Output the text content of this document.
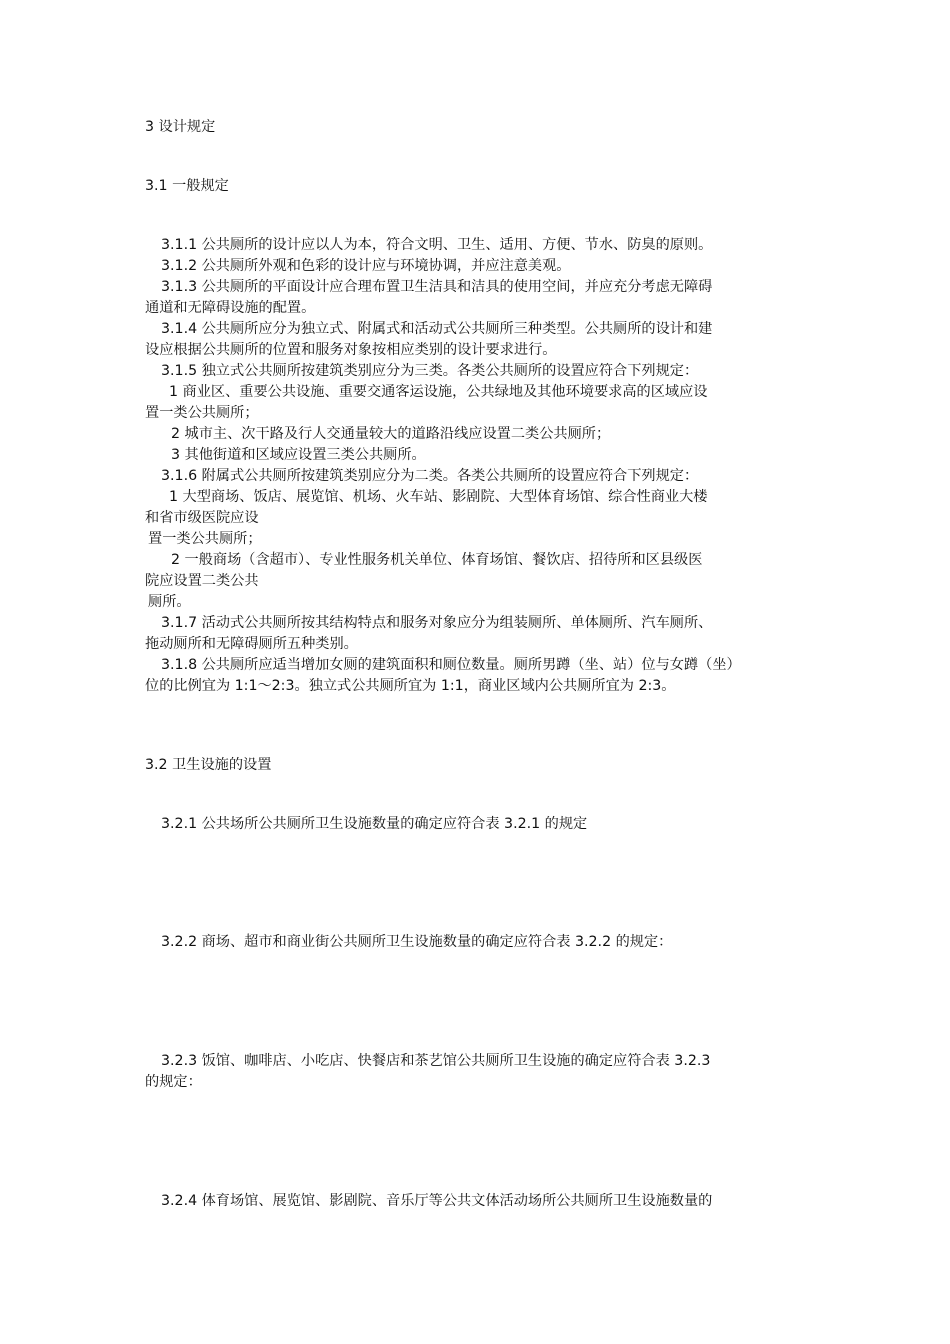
3 设计规定
3.1 一般规定
3.1.1 公共厕所的设计应以人为本，符合文明、卫生、适用、方便、节水、防臭的原则。
3.1.2 公共厕所外观和色彩的设计应与环境协调，并应注意美观。
3.1.3 公共厕所的平面设计应合理布置卫生洁具和洁具的使用空间，并应充分考虑无障碍
通道和无障碍设施的配置。
3.1.4 公共厕所应分为独立式、附属式和活动式公共厕所三种类型。公共厕所的设计和建
设应根据公共厕所的位置和服务对象按相应类别的设计要求进行。
3.1.5 独立式公共厕所按建筑类别应分为三类。各类公共厕所的设置应符合下列规定：
1 商业区、重要公共设施、重要交通客运设施，公共绿地及其他环境要求高的区域应设
置一类公共厕所；
2 城市主、次干路及行人交通量较大的道路沿线应设置二类公共厕所；
3 其他街道和区域应设置三类公共厕所。
3.1.6 附属式公共厕所按建筑类别应分为二类。各类公共厕所的设置应符合下列规定：
1 大型商场、饭店、展览馆、机场、火车站、影剧院、大型体育场馆、综合性商业大楼
和省市级医院应设
置一类公共厕所；
2 一般商场（含超市）、专业性服务机关单位、体育场馆、餐饮店、招待所和区县级医
院应设置二类公共
厕所。
3.1.7 活动式公共厕所按其结构特点和服务对象应分为组装厕所、单体厕所、汽车厕所、
拖动厕所和无障碍厕所五种类别。
3.1.8 公共厕所应适当增加女厕的建筑面积和厕位数量。厕所男蹲（坐、站）位与女蹲（坐）
位的比例宜为 1:1～2:3。独立式公共厕所宜为 1:1，商业区域内公共厕所宜为 2:3。
3.2 卫生设施的设置
3.2.1 公共场所公共厕所卫生设施数量的确定应符合表 3.2.1 的规定
3.2.2 商场、超市和商业街公共厕所卫生设施数量的确定应符合表 3.2.2 的规定：
3.2.3 饭馆、咖啡店、小吃店、快餐店和茶艺馆公共厕所卫生设施的确定应符合表 3.2.3
的规定：
3.2.4 体育场馆、展览馆、影剧院、音乐厅等公共文体活动场所公共厕所卫生设施数量的
